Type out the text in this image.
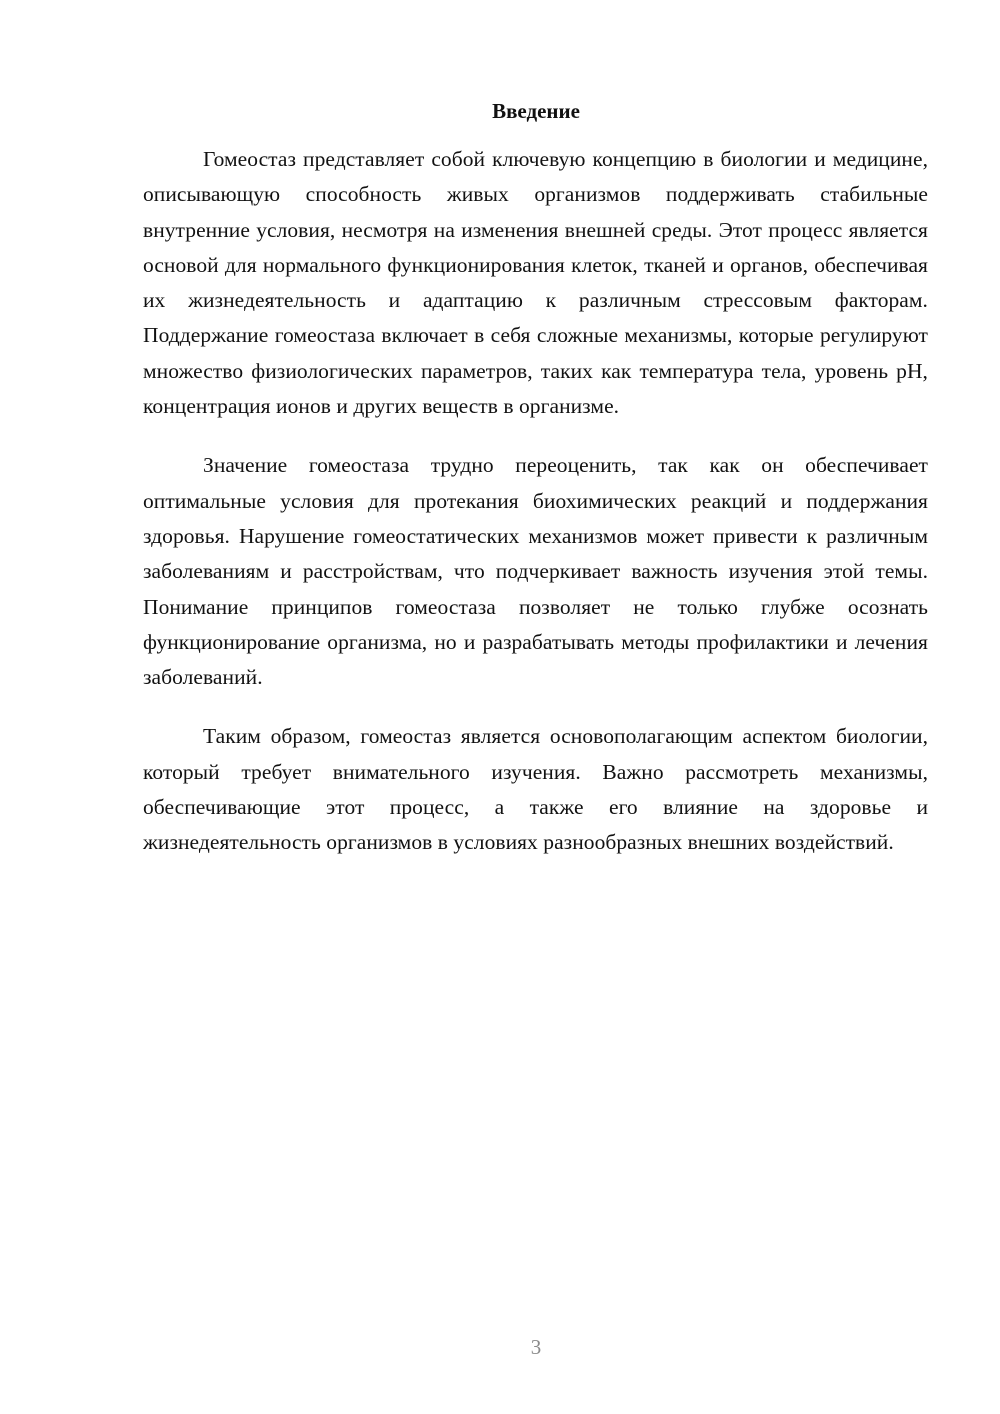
Введение

Гомеостаз представляет собой ключевую концепцию в биологии и медицине, описывающую способность живых организмов поддерживать стабильные внутренние условия, несмотря на изменения внешней среды. Этот процесс является основой для нормального функционирования клеток, тканей и органов, обеспечивая их жизнедеятельность и адаптацию к различным стрессовым факторам. Поддержание гомеостаза включает в себя сложные механизмы, которые регулируют множество физиологических параметров, таких как температура тела, уровень pH, концентрация ионов и других веществ в организме.

Значение гомеостаза трудно переоценить, так как он обеспечивает оптимальные условия для протекания биохимических реакций и поддержания здоровья. Нарушение гомеостатических механизмов может привести к различным заболеваниям и расстройствам, что подчеркивает важность изучения этой темы. Понимание принципов гомеостаза позволяет не только глубже осознать функционирование организма, но и разрабатывать методы профилактики и лечения заболеваний.

Таким образом, гомеостаз является основополагающим аспектом биологии, который требует внимательного изучения. Важно рассмотреть механизмы, обеспечивающие этот процесс, а также его влияние на здоровье и жизнедеятельность организмов в условиях разнообразных внешних воздействий.

3
